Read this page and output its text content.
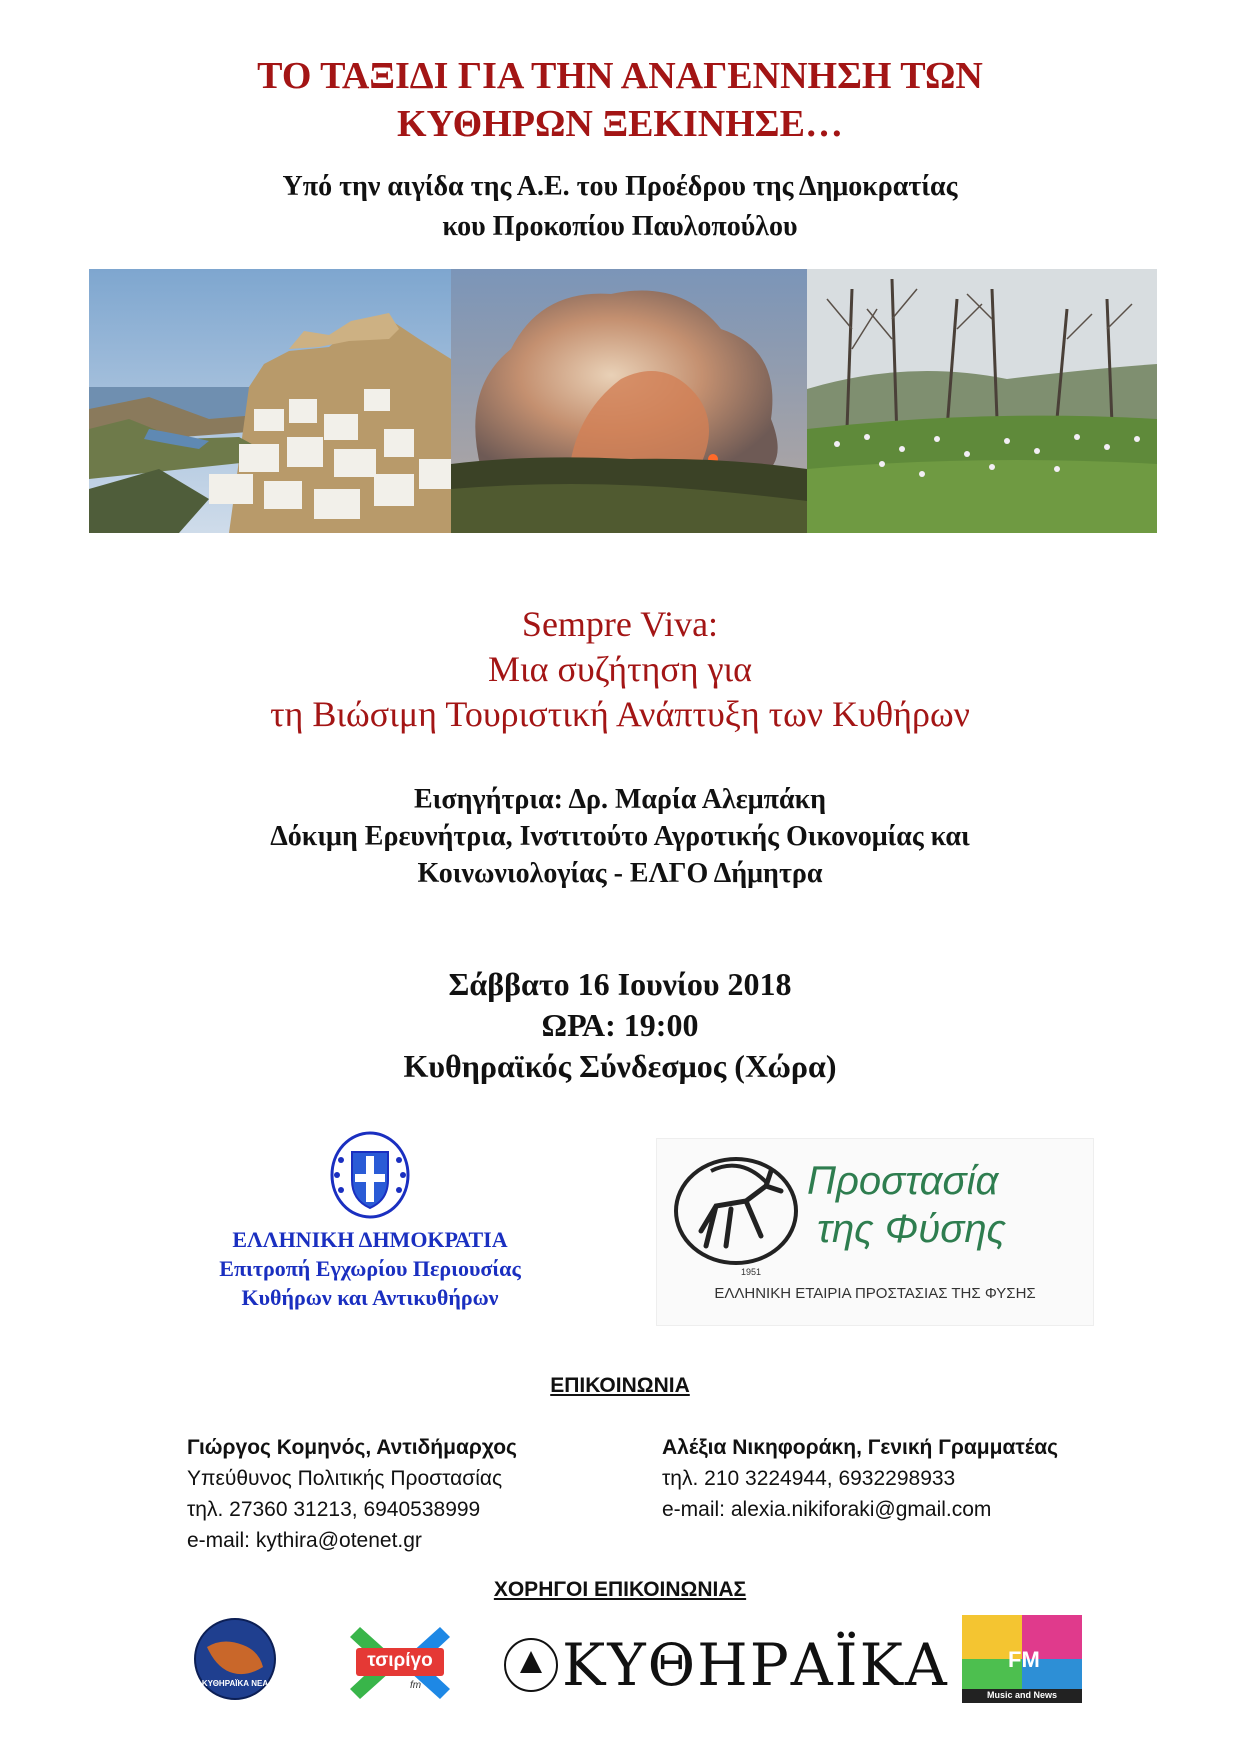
ΤΟ ΤΑΞΙΔΙ ΓΙΑ ΤΗΝ ΑΝΑΓΕΝΝΗΣΗ ΤΩΝ
ΚΥΘΗΡΩΝ ΞΕΚΙΝΗΣΕ…
Υπό την αιγίδα της Α.Ε. του Προέδρου της Δημοκρατίας
κου Προκοπίου Παυλοπούλου
Sempre Viva:
Μια συζήτηση για
τη Βιώσιμη Τουριστική Ανάπτυξη των Κυθήρων
Εισηγήτρια: Δρ. Μαρία Αλεμπάκη
Δόκιμη Ερευνήτρια, Ινστιτούτο Αγροτικής Οικονομίας και
Κοινωνιολογίας - ΕΛΓΟ Δήμητρα
Σάββατο 16 Ιουνίου 2018
ΩΡΑ: 19:00
Κυθηραϊκός Σύνδεσμος (Χώρα)
ΕΛΛΗΝΙΚΗ ΔΗΜΟΚΡΑΤΙΑ
Επιτροπή Εγχωρίου Περιουσίας
Κυθήρων και Αντικυθήρων
Προστασία
της Φύσης
1951
ΕΛΛΗΝΙΚΗ ΕΤΑΙΡΙΑ ΠΡΟΣΤΑΣΙΑΣ ΤΗΣ ΦΥΣΗΣ
ΕΠΙΚΟΙΝΩΝΙΑ
Γιώργος Κομηνός, Αντιδήμαρχος
Υπεύθυνος Πολιτικής Προστασίας
τηλ. 27360 31213, 6940538999
e-mail: kythira@otenet.gr
Αλέξια Νικηφοράκη, Γενική Γραμματέας
τηλ. 210 3224944, 6932298933
e-mail: alexia.nikiforaki@gmail.com
ΧΟΡΗΓΟΙ ΕΠΙΚΟΙΝΩΝΙΑΣ
ΚΥΘΗΡΑΪΚΑ ΝΕΑ
τσιρίγο
fm ΚΥΘΗΡΑΪΚΑ	FM
Music and News
